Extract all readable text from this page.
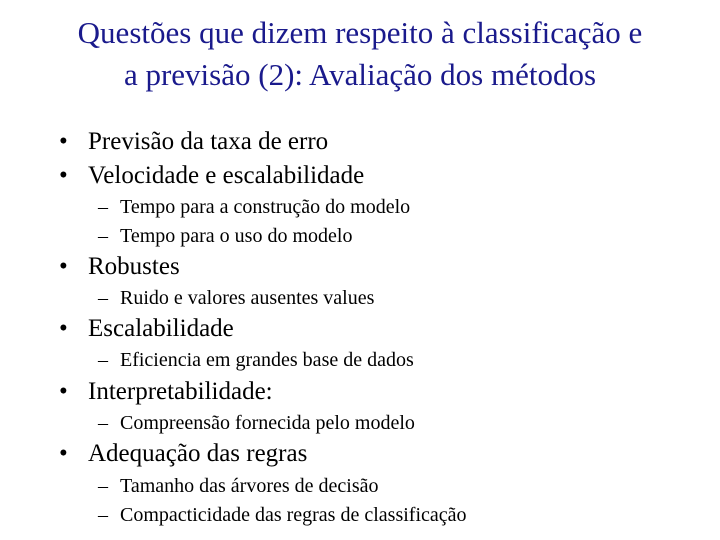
Questões que dizem respeito à classificação e
a previsão (2): Avaliação dos métodos
• Previsão da taxa de erro
• Velocidade e escalabilidade
– Tempo para a construção do modelo
– Tempo para o uso do modelo
• Robustes
– Ruido e valores ausentes values
• Escalabilidade
– Eficiencia em grandes base de dados
• Interpretabilidade:
– Compreensão fornecida pelo modelo
• Adequação das regras
– Tamanho das árvores de decisão
– Compacticidade das regras de classificação
